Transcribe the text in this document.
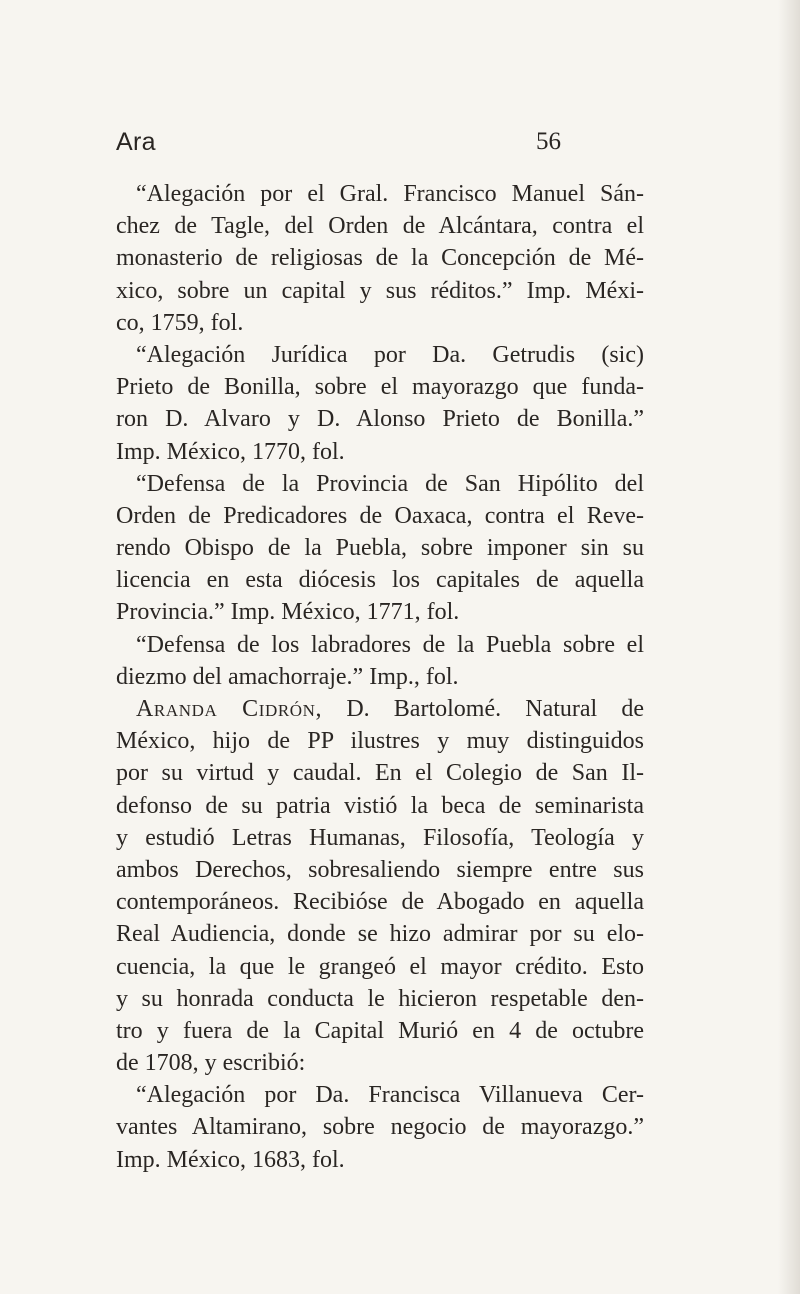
Ara	56
“Alegación por el Gral. Francisco Manuel Sán-
chez de Tagle, del Orden de Alcántara, contra el
monasterio de religiosas de la Concepción de Mé-
xico, sobre un capital y sus réditos.” Imp. Méxi-
co, 1759, fol.
“Alegación Jurídica por Da. Getrudis (sic)
Prieto de Bonilla, sobre el mayorazgo que funda-
ron D. Alvaro y D. Alonso Prieto de Bonilla.”
Imp. México, 1770, fol.
“Defensa de la Provincia de San Hipólito del
Orden de Predicadores de Oaxaca, contra el Reve-
rendo Obispo de la Puebla, sobre imponer sin su
licencia en esta diócesis los capitales de aquella
Provincia.” Imp. México, 1771, fol.
“Defensa de los labradores de la Puebla sobre el
diezmo del amachorraje.” Imp., fol.
Aranda Cidrón, D. Bartolomé. Natural de
México, hijo de PP ilustres y muy distinguidos
por su virtud y caudal. En el Colegio de San Il-
defonso de su patria vistió la beca de seminarista
y estudió Letras Humanas, Filosofía, Teología y
ambos Derechos, sobresaliendo siempre entre sus
contemporáneos. Recibióse de Abogado en aquella
Real Audiencia, donde se hizo admirar por su elo-
cuencia, la que le grangeó el mayor crédito. Esto
y su honrada conducta le hicieron respetable den-
tro y fuera de la Capital Murió en 4 de octubre
de 1708, y escribió:
“Alegación por Da. Francisca Villanueva Cer-
vantes Altamirano, sobre negocio de mayorazgo.”
Imp. México, 1683, fol.
